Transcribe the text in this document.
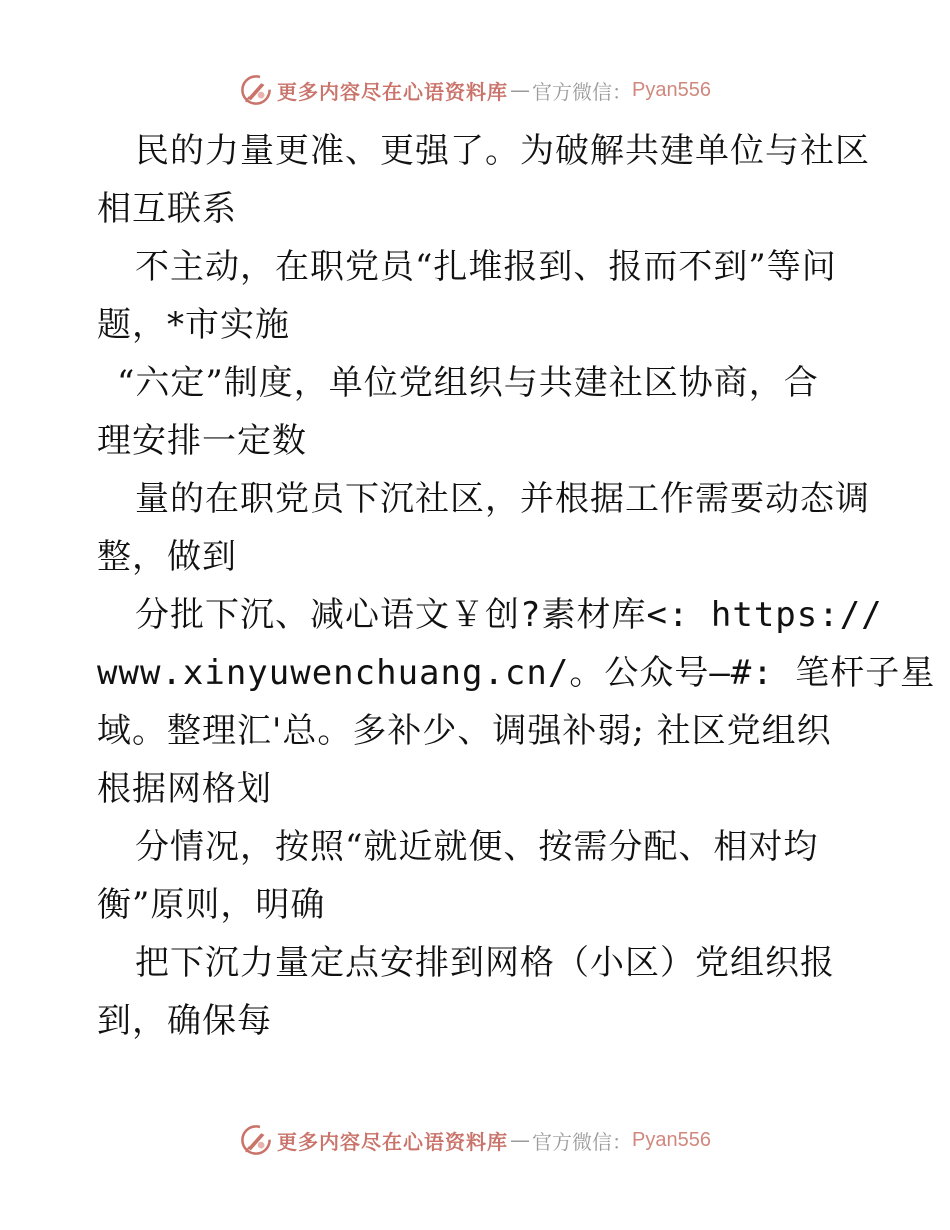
更多内容尽在心语资料库 — 官方微信： Pyan556
民的力量更准、更强了。为破解共建单位与社区
相互联系
不主动，在职党员“扎堆报到、报而不到”等问
题，*市实施
“六定”制度，单位党组织与共建社区协商，合
理安排一定数
量的在职党员下沉社区，并根据工作需要动态调
整，做到
分批下沉、减心语文￥创?素材库<: https://
www.xinyuwenchuang.cn/。公众号—#: 笔杆子星
域。整理汇'总。多补少、调强补弱; 社区党组织
根据网格划
分情况，按照“就近就便、按需分配、相对均
衡”原则，明确
把下沉力量定点安排到网格（小区）党组织报
到，确保每
更多内容尽在心语资料库 — 官方微信： Pyan556
